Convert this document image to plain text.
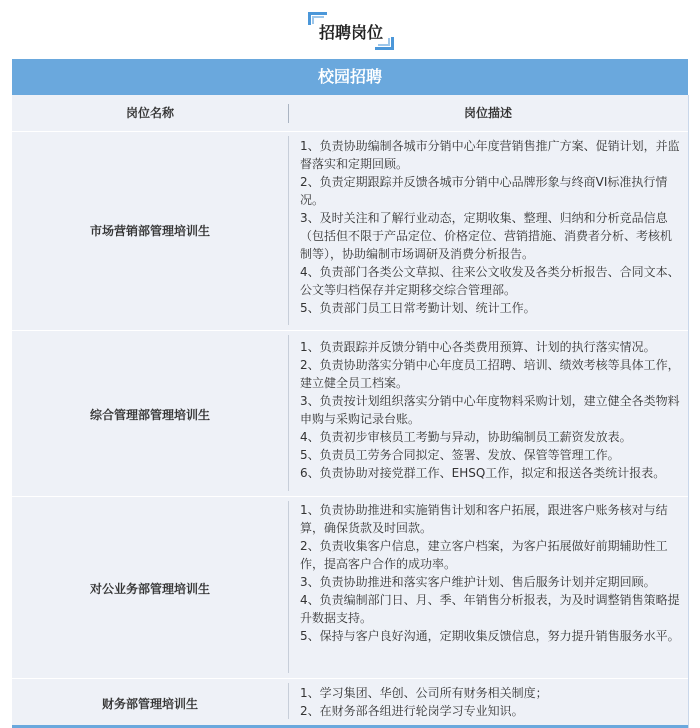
招聘岗位
校园招聘
岗位名称	岗位描述
市场营销部管理培训生

1、负责协助编制各城市分销中心年度营销售推广方案、促销计划，并监督落实和定期回顾。

2、负责定期跟踪并反馈各城市分销中心品牌形象与终商VI标准执行情况。

3、及时关注和了解行业动态，定期收集、整理、归纳和分析竞品信息（包括但不限于产品定位、价格定位、营销措施、消费者分析、考核机制等），协助编制市场调研及消费分析报告。

4、负责部门各类公文草拟、往来公文收发及各类分析报告、合同文本、公文等归档保存并定期移交综合管理部。

5、负责部门员工日常考勤计划、统计工作。

综合管理部管理培训生

1、负责跟踪并反馈分销中心各类费用预算、计划的执行落实情况。

2、负责协助落实分销中心年度员工招聘、培训、绩效考核等具体工作，建立健全员工档案。

3、负责按计划组织落实分销中心年度物料采购计划，建立健全各类物料申购与采购记录台账。

4、负责初步审核员工考勤与异动，协助编制员工薪资发放表。

5、负责员工劳务合同拟定、签署、发放、保管等管理工作。

6、负责协助对接党群工作、EHSQ工作，拟定和报送各类统计报表。

对公业务部管理培训生

1、负责协助推进和实施销售计划和客户拓展，跟进客户账务核对与结算，确保货款及时回款。

2、负责收集客户信息，建立客户档案，为客户拓展做好前期辅助性工作，提高客户合作的成功率。

3、负责协助推进和落实客户维护计划、售后服务计划并定期回顾。

4、负责编制部门日、月、季、年销售分析报表，为及时调整销售策略提升数据支持。

5、保持与客户良好沟通，定期收集反馈信息，努力提升销售服务水平。

财务部管理培训生

1、学习集团、华创、公司所有财务相关制度；

2、在财务部各组进行轮岗学习专业知识。
